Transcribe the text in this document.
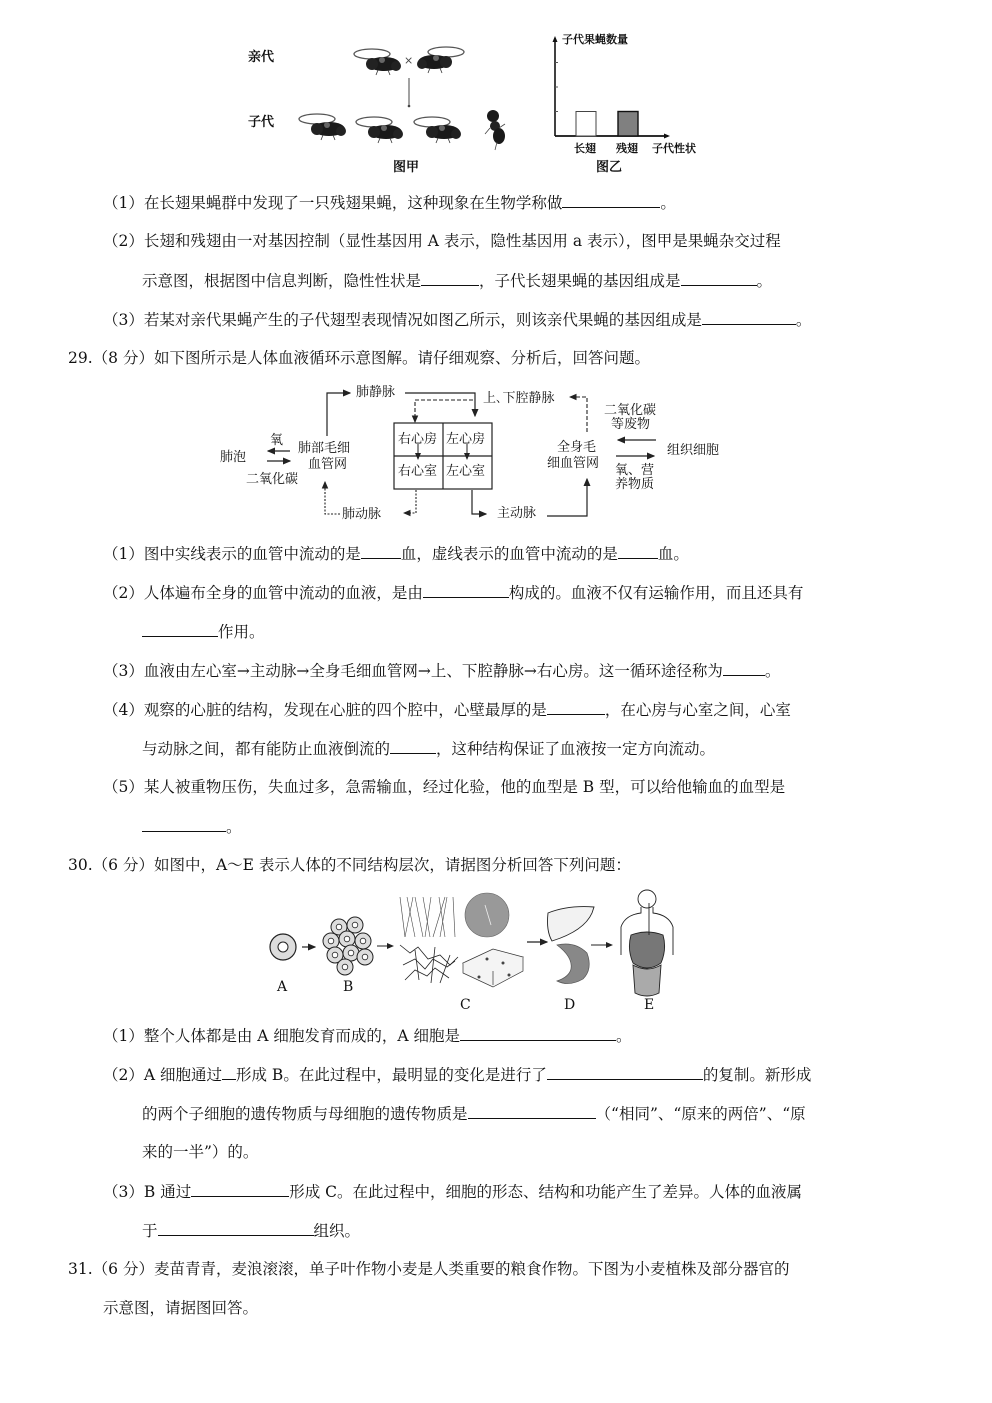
亲代
子代
×
图甲
子代果蝇数量
子代性状
长翅 残翅
图乙
（1）在长翅果蝇群中发现了一只残翅果蝇，这种现象在生物学称做	。
（2）长翅和残翅由一对基因控制（显性基因用 A 表示，隐性基因用 a 表示），图甲是果蝇杂交过程
示意图，根据图中信息判断，隐性性状是	，子代长翅果蝇的基因组成是	。
（3）若某对亲代果蝇产生的子代翅型表现情况如图乙所示，则该亲代果蝇的基因组成是	。
29.（8 分）如下图所示是人体血液循环示意图解。请仔细观察、分析后，回答问题。
肺静脉	上､下腔静脉
右心房 左心房
右心室 左心室
肺泡
氧
二氧化碳
肺部毛细
血管网
肺动脉	主动脉
全身毛
细血管网
二氧化碳
等废物
组织细胞
氧、营
养物质
（1）图中实线表示的血管中流动的是	血，虚线表示的血管中流动的是	血。
（2）人体遍布全身的血管中流动的血液，是由	构成的。血液不仅有运输作用，而且还具有
作用。
（3）血液由左心室→主动脉→全身毛细血管网→上、下腔静脉→右心房。这一循环途径称为	。
（4）观察的心脏的结构，发现在心脏的四个腔中，心壁最厚的是	，在心房与心室之间，心室
与动脉之间，都有能防止血液倒流的	，这种结构保证了血液按一定方向流动。
（5）某人被重物压伤，失血过多，急需输血，经过化验，他的血型是 B 型，可以给他输血的血型是
。
30.（6 分）如图中，A～E 表示人体的不同结构层次，请据图分析回答下列问题：
A	B
C	D	E
（1）整个人体都是由 A 细胞发育而成的，A 细胞是	。
（2）A 细胞通过 形成 B。在此过程中，最明显的变化是进行了	的复制。新形成
的两个子细胞的遗传物质与母细胞的遗传物质是	（“相同”、“原来的两倍”、“原
来的一半”）的。
（3）B 通过	形成 C。在此过程中，细胞的形态、结构和功能产生了差异。人体的血液属
于	组织。
31.（6 分）麦苗青青，麦浪滚滚，单子叶作物小麦是人类重要的粮食作物。下图为小麦植株及部分器官的
示意图，请据图回答。
